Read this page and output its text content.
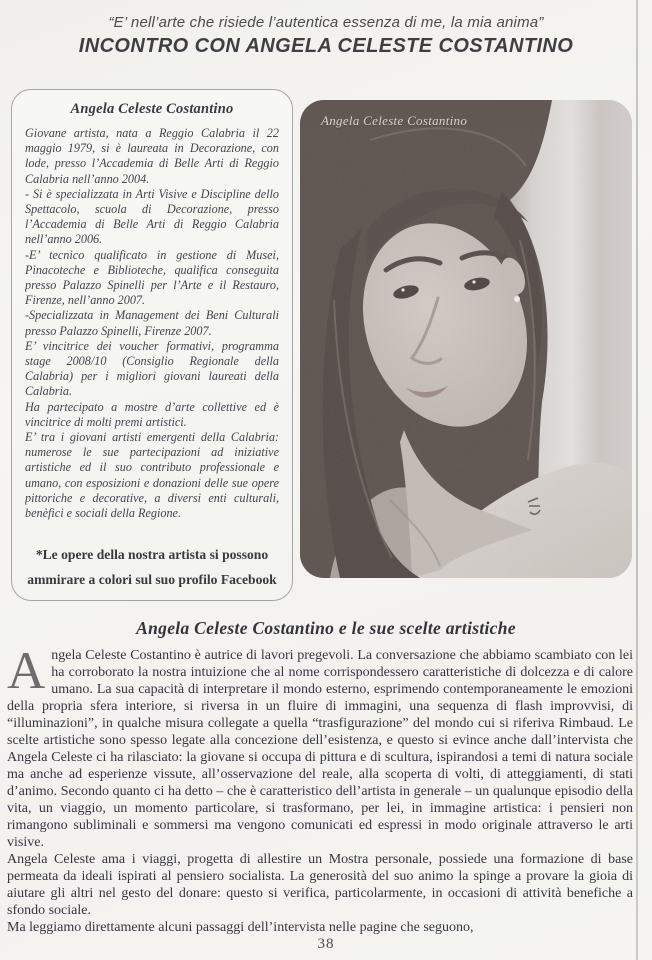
“E’ nell’arte che risiede l’autentica essenza di me, la mia anima”
INCONTRO CON ANGELA CELESTE COSTANTINO
Angela Celeste Costantino

Giovane artista, nata a Reggio Calabria il 22 maggio 1979, si è laureata in Decorazione, con lode, presso l’Accademia di Belle Arti di Reggio Calabria nell’anno 2004.

- Si è specializzata in Arti Visive e Discipline dello Spettacolo, scuola di Decorazione, presso l’Accademia di Belle Arti di Reggio Calabria nell’anno 2006.

-E’ tecnico qualificato in gestione di Musei, Pinacoteche e Biblioteche, qualifica conseguita presso Palazzo Spinelli per l’Arte e il Restauro, Firenze, nell’anno 2007.

-Specializzata in Management dei Beni Culturali presso Palazzo Spinelli, Firenze 2007.

E’ vincitrice dei voucher formativi, programma stage 2008/10 (Consiglio Regionale della Calabria) per i migliori giovani laureati della Calabria.

Ha partecipato a mostre d’arte collettive ed è vincitrice di molti premi artistici.

E’ tra i giovani artisti emergenti della Calabria: numerose le sue partecipazioni ad iniziative artistiche ed il suo contributo professionale e umano, con esposizioni e donazioni delle sue opere pittoriche e decorative, a diversi enti culturali, benèfici e sociali della Regione.

*Le opere della nostra artista si possono
ammirare a colori sul suo profilo Facebook
Angela Celeste Costantino
Angela Celeste Costantino e le sue scelte artistiche

Angela Celeste Costantino è autrice di lavori pregevoli. La conversazione che abbiamo scambiato con lei ha corroborato la nostra intuizione che al nome corrispondessero caratteristiche di dolcezza e di calore umano. La sua capacità di interpretare il mondo esterno, esprimendo contemporaneamente le emozioni della propria sfera interiore, si riversa in un fluire di immagini, una sequenza di flash improvvisi, di “illuminazioni”, in qualche misura collegate a quella “trasfigurazione” del mondo cui si riferiva Rimbaud. Le scelte artistiche sono spesso legate alla concezione dell’esistenza, e questo si evince anche dall’intervista che Angela Celeste ci ha rilasciato: la giovane si occupa di pittura e di scultura, ispirandosi a temi di natura sociale ma anche ad esperienze vissute, all’osservazione del reale, alla scoperta di volti, di atteggiamenti, di stati d’animo. Secondo quanto ci ha detto – che è caratteristico dell’artista in generale – un qualunque episodio della vita, un viaggio, un momento particolare, si trasformano, per lei, in immagine artistica: i pensieri non rimangono subliminali e sommersi ma vengono comunicati ed espressi in modo originale attraverso le arti visive.

Angela Celeste ama i viaggi, progetta di allestire un Mostra personale, possiede una formazione di base permeata da ideali ispirati al pensiero socialista. La generosità del suo animo la spinge a provare la gioia di aiutare gli altri nel gesto del donare: questo si verifica, particolarmente, in occasioni di attività benefiche a sfondo sociale.

Ma leggiamo direttamente alcuni passaggi dell’intervista nelle pagine che seguono,

38
